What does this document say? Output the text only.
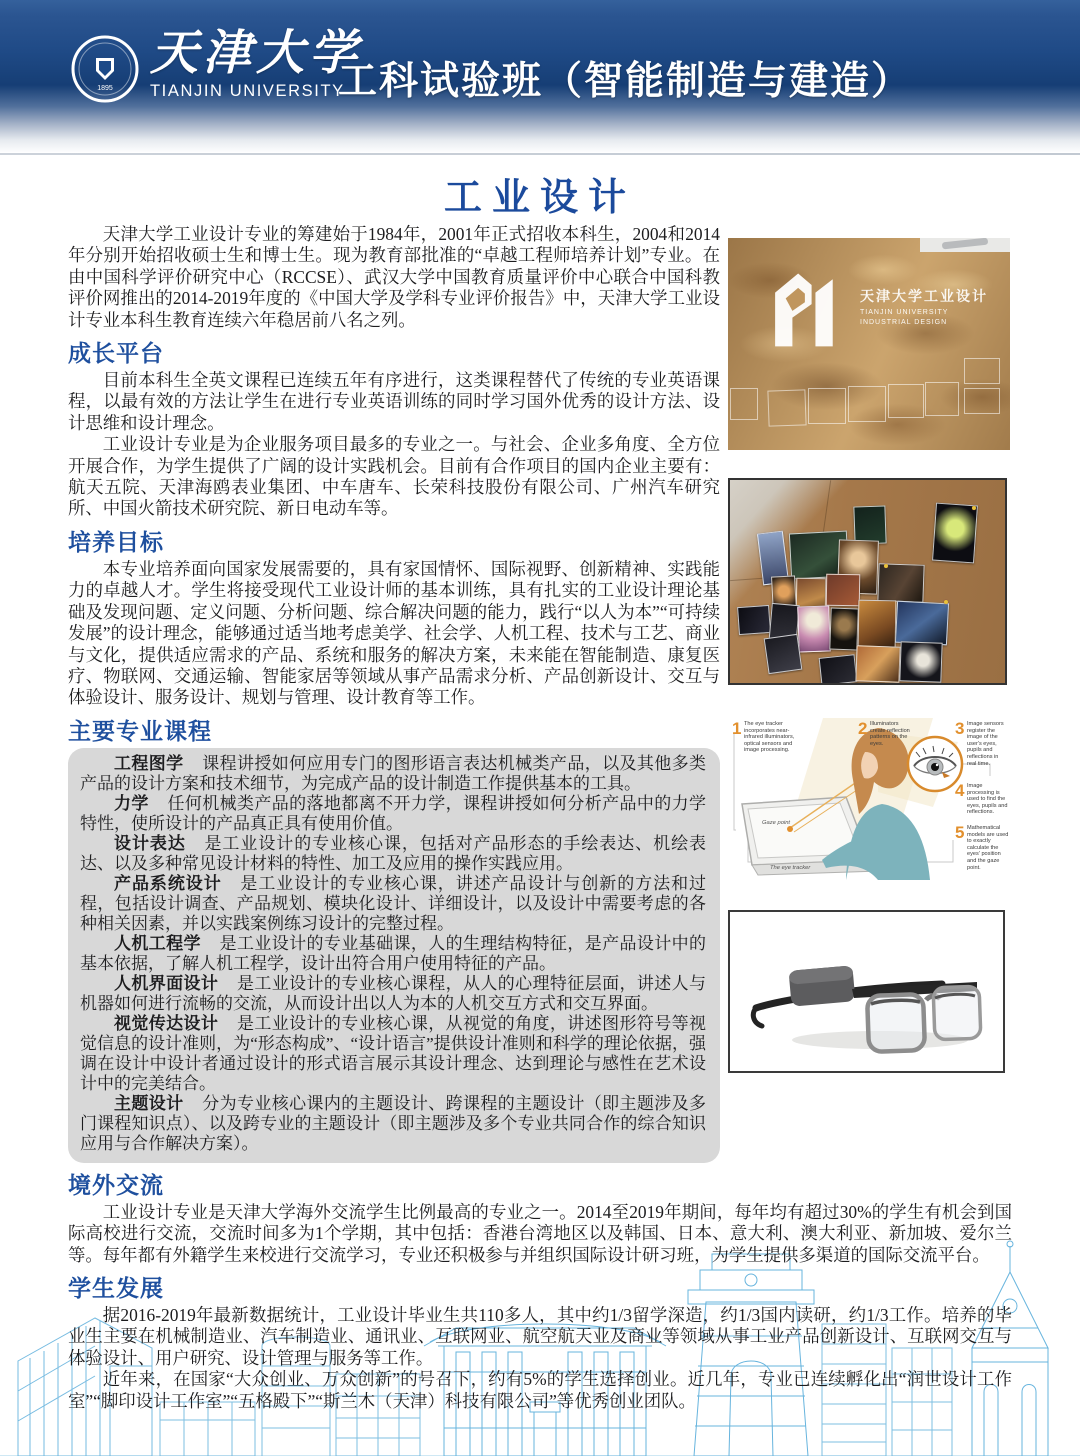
1895
天津大学
TIANJIN UNIVERSITY
工科试验班（智能制造与建造）
工业设计

天津大学工业设计专业的筹建始于1984年，2001年正式招收本科生，2004和2014年分别开始招收硕士生和博士生。现为教育部批准的“卓越工程师培养计划”专业。在由中国科学评价研究中心（RCCSE）、武汉大学中国教育质量评价中心联合中国科教评价网推出的2014-2019年度的《中国大学及学科专业评价报告》中，天津大学工业设计专业本科生教育连续六年稳居前八名之列。

成长平台

目前本科生全英文课程已连续五年有序进行，这类课程替代了传统的专业英语课程，以最有效的方法让学生在进行专业英语训练的同时学习国外优秀的设计方法、设计思维和设计理念。

工业设计专业是为企业服务项目最多的专业之一。与社会、企业多角度、全方位开展合作，为学生提供了广阔的设计实践机会。目前有合作项目的国内企业主要有：航天五院、天津海鸥表业集团、中车唐车、长荣科技股份有限公司、广州汽车研究所、中国火箭技术研究院、新日电动车等。

培养目标

本专业培养面向国家发展需要的，具有家国情怀、国际视野、创新精神、实践能力的卓越人才。学生将接受现代工业设计师的基本训练，具有扎实的工业设计理论基础及发现问题、定义问题、分析问题、综合解决问题的能力，践行“以人为本”“可持续发展”的设计理念，能够通过适当地考虑美学、社会学、人机工程、技术与工艺、商业与文化，提供适应需求的产品、系统和服务的解决方案，未来能在智能制造、康复医疗、物联网、交通运输、智能家居等领域从事产品需求分析、产品创新设计、交互与体验设计、服务设计、规划与管理、设计教育等工作。

主要专业课程

工程图学 课程讲授如何应用专门的图形语言表达机械类产品，以及其他多类产品的设计方案和技术细节，为完成产品的设计制造工作提供基本的工具。

力学 任何机械类产品的落地都离不开力学，课程讲授如何分析产品中的力学特性，使所设计的产品真正具有使用价值。

设计表达 是工业设计的专业核心课，包括对产品形态的手绘表达、机绘表达、以及多种常见设计材料的特性、加工及应用的操作实践应用。

产品系统设计 是工业设计的专业核心课，讲述产品设计与创新的方法和过程，包括设计调查、产品规划、模块化设计、详细设计，以及设计中需要考虑的各种相关因素，并以实践案例练习设计的完整过程。

人机工程学 是工业设计的专业基础课，人的生理结构特征，是产品设计中的基本依据，了解人机工程学，设计出符合用户使用特征的产品。

人机界面设计 是工业设计的专业核心课程，从人的心理特征层面，讲述人与机器如何进行流畅的交流，从而设计出以人为本的人机交互方式和交互界面。

视觉传达设计 是工业设计的专业核心课，从视觉的角度，讲述图形符号等视觉信息的设计准则，为“形态构成”、“设计语言”提供设计准则和科学的理论依据，强调在设计中设计者通过设计的形式语言展示其设计理念、达到理论与感性在艺术设计中的完美结合。

主题设计 分为专业核心课内的主题设计、跨课程的主题设计（即主题涉及多门课程知识点）、以及跨专业的主题设计（即主题涉及多个专业共同合作的综合知识应用与合作解决方案）。

境外交流

工业设计专业是天津大学海外交流学生比例最高的专业之一。2014至2019年期间，每年均有超过30%的学生有机会到国际高校进行交流，交流时间多为1个学期，其中包括：香港台湾地区以及韩国、日本、意大利、澳大利亚、新加坡、爱尔兰等。每年都有外籍学生来校进行交流学习，专业还积极参与并组织国际设计研习班，为学生提供多渠道的国际交流平台。

学生发展

据2016-2019年最新数据统计，工业设计毕业生共110多人，其中约1/3留学深造，约1/3国内读研，约1/3工作。培养的毕业生主要在机械制造业、汽车制造业、通讯业、互联网业、航空航天业及商业等领域从事工业产品创新设计、互联网交互与体验设计、用户研究、设计管理与服务等工作。

近年来，在国家“大众创业、万众创新”的号召下，约有5%的学生选择创业。近几年，专业已连续孵化出“润世设计工作室”“脚印设计工作室”“五格殿下”“斯兰木（天津）科技有限公司”等优秀创业团队。

天津大学工业设计
TIANJIN UNIVERSITY
INDUSTRIAL DESIGN
1 The eye tracker incorporates near-infrared illuminators, optical sensors and image processing.
2 Illuminators create reflection patterns on the eyes.
3 Image sensors register the image of the user's eyes, pupils and reflections in real time.
4 Image processing is used to find the eyes, pupils and reflections.
5 Mathematical models are used to exactly calculate the eyes' position and the gaze point.
Gaze point
The eye tracker
